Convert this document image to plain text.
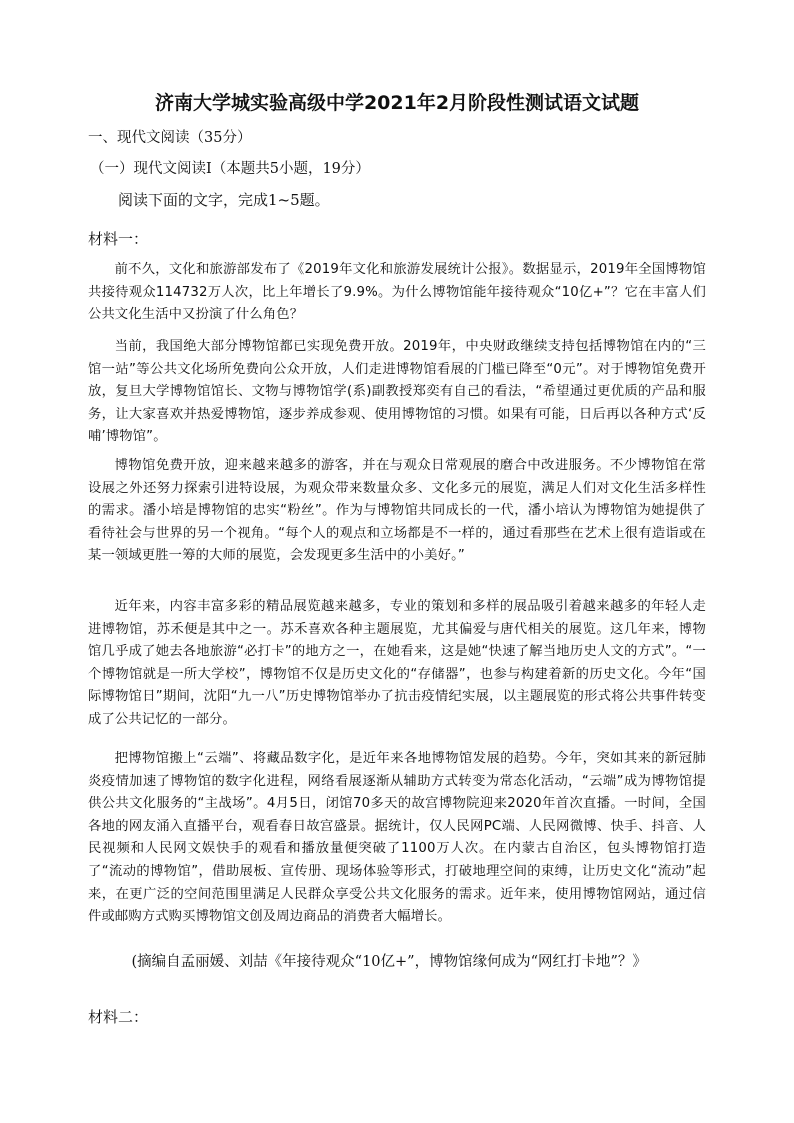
济南大学城实验高级中学2021年2月阶段性测试语文试题
一、现代文阅读（35分）
（一）现代文阅读Ⅰ（本题共5小题，19分）
阅读下面的文字，完成1~5题。
材料一：

前不久，文化和旅游部发布了《2019年文化和旅游发展统计公报》。数据显示，2019年全国博物馆共接待观众114732万人次，比上年增长了9.9%。为什么博物馆能年接待观众“10亿+”？它在丰富人们公共文化生活中又扮演了什么角色？

当前，我国绝大部分博物馆都已实现免费开放。2019年，中央财政继续支持包括博物馆在内的“三馆一站”等公共文化场所免费向公众开放，人们走进博物馆看展的门槛已降至“0元”。对于博物馆免费开放，复旦大学博物馆馆长、文物与博物馆学(系)副教授郑奕有自己的看法，“希望通过更优质的产品和服务，让大家喜欢并热爱博物馆，逐步养成参观、使用博物馆的习惯。如果有可能，日后再以各种方式‘反哺’博物馆”。

博物馆免费开放，迎来越来越多的游客，并在与观众日常观展的磨合中改进服务。不少博物馆在常设展之外还努力探索引进特设展，为观众带来数量众多、文化多元的展览，满足人们对文化生活多样性的需求。潘小培是博物馆的忠实“粉丝”。作为与博物馆共同成长的一代，潘小培认为博物馆为她提供了看待社会与世界的另一个视角。“每个人的观点和立场都是不一样的，通过看那些在艺术上很有造诣或在某一领域更胜一筹的大师的展览，会发现更多生活中的小美好。”

近年来，内容丰富多彩的精品展览越来越多，专业的策划和多样的展品吸引着越来越多的年轻人走进博物馆，苏禾便是其中之一。苏禾喜欢各种主题展览，尤其偏爱与唐代相关的展览。这几年来，博物馆几乎成了她去各地旅游“必打卡”的地方之一，在她看来，这是她“快速了解当地历史人文的方式”。“一个博物馆就是一所大学校”，博物馆不仅是历史文化的“存储器”，也参与构建着新的历史文化。今年“国际博物馆日”期间，沈阳“九一八”历史博物馆举办了抗击疫情纪实展，以主题展览的形式将公共事件转变成了公共记忆的一部分。

把博物馆搬上“云端”、将藏品数字化，是近年来各地博物馆发展的趋势。今年，突如其来的新冠肺炎疫情加速了博物馆的数字化进程，网络看展逐渐从辅助方式转变为常态化活动，“云端”成为博物馆提供公共文化服务的“主战场”。4月5日，闭馆70多天的故宫博物院迎来2020年首次直播。一时间，全国各地的网友涌入直播平台，观看春日故宫盛景。据统计，仅人民网PC端、人民网微博、快手、抖音、人民视频和人民网文娱快手的观看和播放量便突破了1100万人次。在内蒙古自治区，包头博物馆打造了“流动的博物馆”，借助展板、宣传册、现场体验等形式，打破地理空间的束缚，让历史文化“流动”起来，在更广泛的空间范围里满足人民群众享受公共文化服务的需求。近年来，使用博物馆网站，通过信件或邮购方式购买博物馆文创及周边商品的消费者大幅增长。

(摘编自孟丽媛、刘喆《年接待观众“10亿+”，博物馆缘何成为“网红打卡地”？》

材料二：
